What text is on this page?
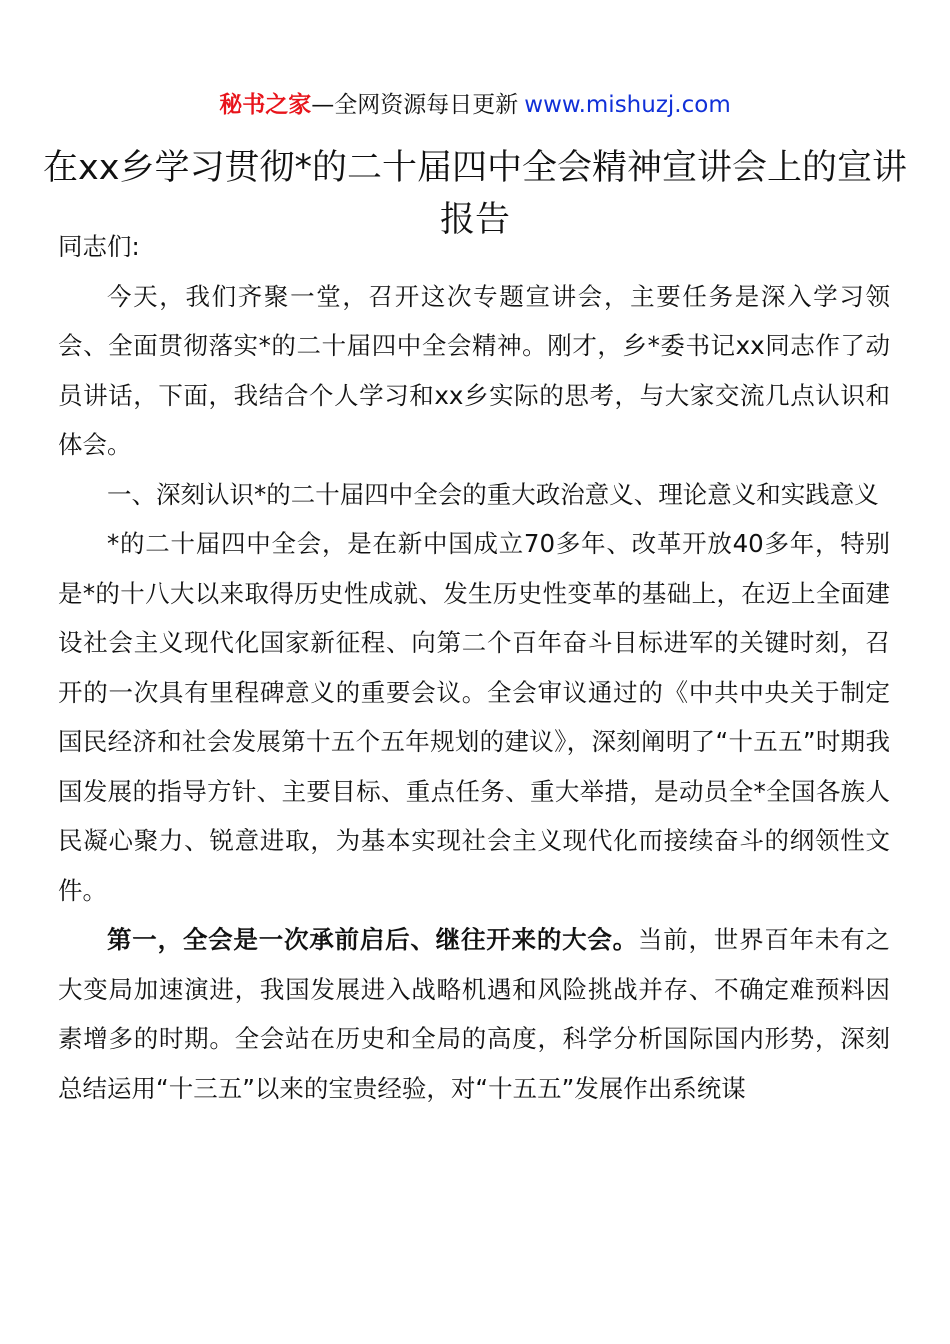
秘书之家—全网资源每日更新 www.mishuzj.com
在xx乡学习贯彻*的二十届四中全会精神宣讲会上的宣讲报告

同志们:

今天，我们齐聚一堂，召开这次专题宣讲会，主要任务是深入学习领会、全面贯彻落实*的二十届四中全会精神。刚才，乡*委书记xx同志作了动员讲话，下面，我结合个人学习和xx乡实际的思考，与大家交流几点认识和体会。

一、深刻认识*的二十届四中全会的重大政治意义、理论意义和实践意义

*的二十届四中全会，是在新中国成立70多年、改革开放40多年，特别是*的十八大以来取得历史性成就、发生历史性变革的基础上，在迈上全面建设社会主义现代化国家新征程、向第二个百年奋斗目标进军的关键时刻，召开的一次具有里程碑意义的重要会议。全会审议通过的《中共中央关于制定国民经济和社会发展第十五个五年规划的建议》，深刻阐明了“十五五”时期我国发展的指导方针、主要目标、重点任务、重大举措，是动员全*全国各族人民凝心聚力、锐意进取，为基本实现社会主义现代化而接续奋斗的纲领性文件。

第一，全会是一次承前启后、继往开来的大会。当前，世界百年未有之大变局加速演进，我国发展进入战略机遇和风险挑战并存、不确定难预料因素增多的时期。全会站在历史和全局的高度，科学分析国际国内形势，深刻总结运用“十三五”以来的宝贵经验，对“十五五”发展作出系统谋
